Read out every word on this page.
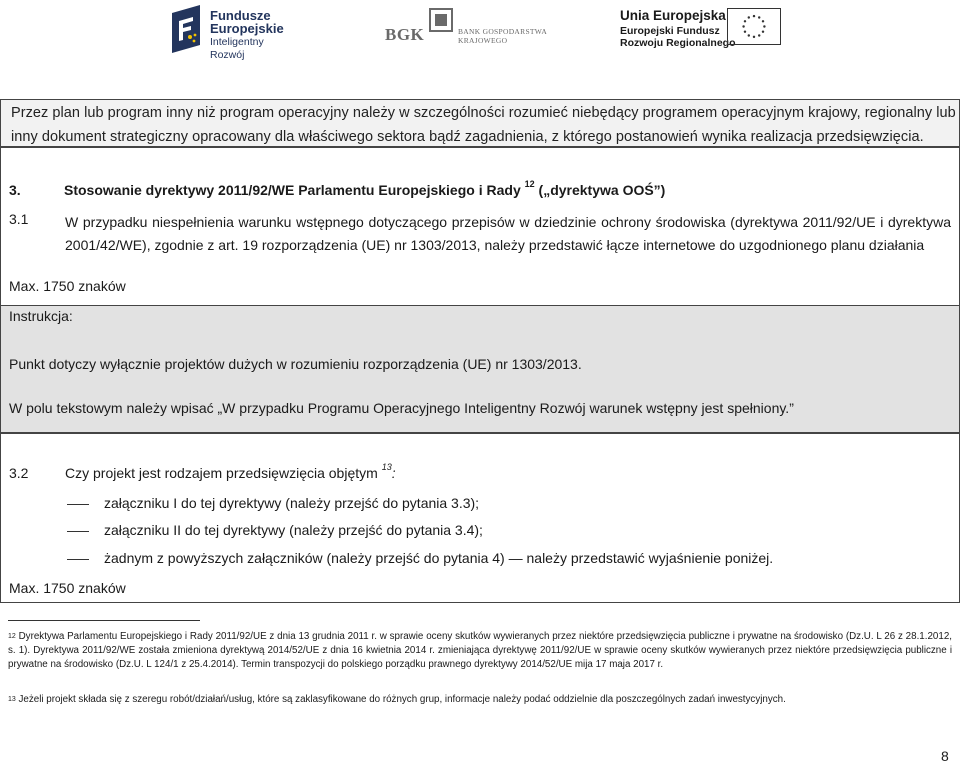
Fundusze
Europejskie
Inteligentny Rozwój
BGK	BANK GOSPODARSTWA
KRAJOWEGO
Unia Europejska
Europejski Fundusz
Rozwoju Regionalnego

Przez plan lub program inny niż program operacyjny należy w szczególności rozumieć niebędący programem operacyjnym krajowy, regionalny lub inny dokument strategiczny opracowany dla właściwego sektora bądź zagadnienia, z którego postanowień wynika realizacja przedsięwzięcia.

3.	Stosowanie dyrektywy 2011/92/WE Parlamentu Europejskiego i Rady $^{12}$ („dyrektywa OOŚ”)
3.1	W przypadku niespełnienia warunku wstępnego dotyczącego przepisów w dziedzinie ochrony środowiska (dyrektywa 2011/92/UE i dyrektywa 2001/42/WE), zgodnie z art. 19 rozporządzenia (UE) nr 1303/2013, należy przedstawić łącze internetowe do uzgodnionego planu działania
Max. 1750 znaków
Instrukcja:
Punkt dotyczy wyłącznie projektów dużych w rozumieniu rozporządzenia (UE) nr 1303/2013.
W polu tekstowym należy wpisać „W przypadku Programu Operacyjnego Inteligentny Rozwój warunek wstępny jest spełniony.”
3.2	Czy projekt jest rodzajem przedsięwzięcia objętym $^{13}$:
załączniku I do tej dyrektywy (należy przejść do pytania 3.3);
załączniku II do tej dyrektywy (należy przejść do pytania 3.4);
żadnym z powyższych załączników (należy przejść do pytania 4) — należy przedstawić wyjaśnienie poniżej.
Max. 1750 znaków
$^{12}$ Dyrektywa Parlamentu Europejskiego i Rady 2011/92/UE z dnia 13 grudnia 2011 r. w sprawie oceny skutków wywieranych przez niektóre przedsięwzięcia publiczne i prywatne na środowisko (Dz.U. L 26 z 28.1.2012, s. 1). Dyrektywa 2011/92/WE została zmieniona dyrektywą 2014/52/UE z dnia 16 kwietnia 2014 r. zmieniająca dyrektywę 2011/92/UE w sprawie oceny skutków wywieranych przez niektóre przedsięwzięcia publiczne i prywatne na środowisko (Dz.U. L 124/1 z 25.4.2014). Termin transpozycji do polskiego porządku prawnego dyrektywy 2014/52/UE mija 17 maja 2017 r.
$^{13}$ Jeżeli projekt składa się z szeregu robót/działań/usług, które są zaklasyfikowane do różnych grup, informacje należy podać oddzielnie dla poszczególnych zadań inwestycyjnych.
8
